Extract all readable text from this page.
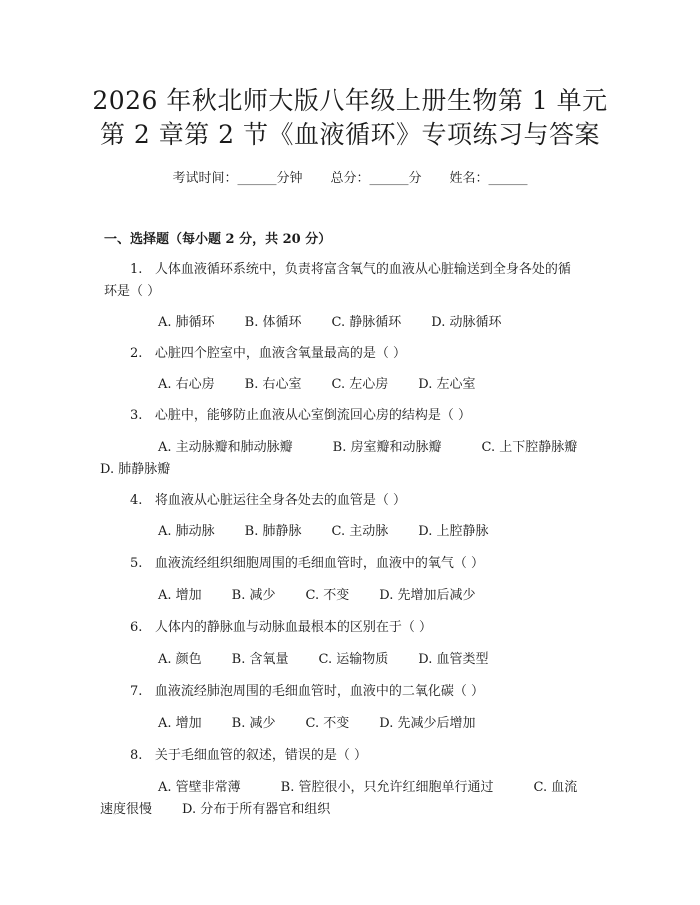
2026 年秋北师大版八年级上册生物第 1 单元
第 2 章第 2 节《血液循环》专项练习与答案
考试时间：______分钟 总分：______分 姓名：______
一、选择题（每小题 2 分，共 20 分）
1. 人体血液循环系统中，负责将富含氧气的血液从心脏输送到全身各处的循
环是（ ）
A. 肺循环 B. 体循环 C. 静脉循环 D. 动脉循环
2. 心脏四个腔室中，血液含氧量最高的是（ ）
A. 右心房 B. 右心室 C. 左心房 D. 左心室
3. 心脏中，能够防止血液从心室倒流回心房的结构是（ ）
A. 主动脉瓣和肺动脉瓣	B. 房室瓣和动脉瓣	C. 上下腔静脉瓣
D. 肺静脉瓣
4. 将血液从心脏运往全身各处去的血管是（ ）
A. 肺动脉 B. 肺静脉 C. 主动脉 D. 上腔静脉
5. 血液流经组织细胞周围的毛细血管时，血液中的氧气（ ）
A. 增加 B. 减少 C. 不变 D. 先增加后减少
6. 人体内的静脉血与动脉血最根本的区别在于（ ）
A. 颜色 B. 含氧量 C. 运输物质 D. 血管类型
7. 血液流经肺泡周围的毛细血管时，血液中的二氧化碳（ ）
A. 增加 B. 减少 C. 不变 D. 先减少后增加
8. 关于毛细血管的叙述，错误的是（ ）
A. 管壁非常薄	B. 管腔很小，只允许红细胞单行通过	C. 血流
速度很慢 D. 分布于所有器官和组织
